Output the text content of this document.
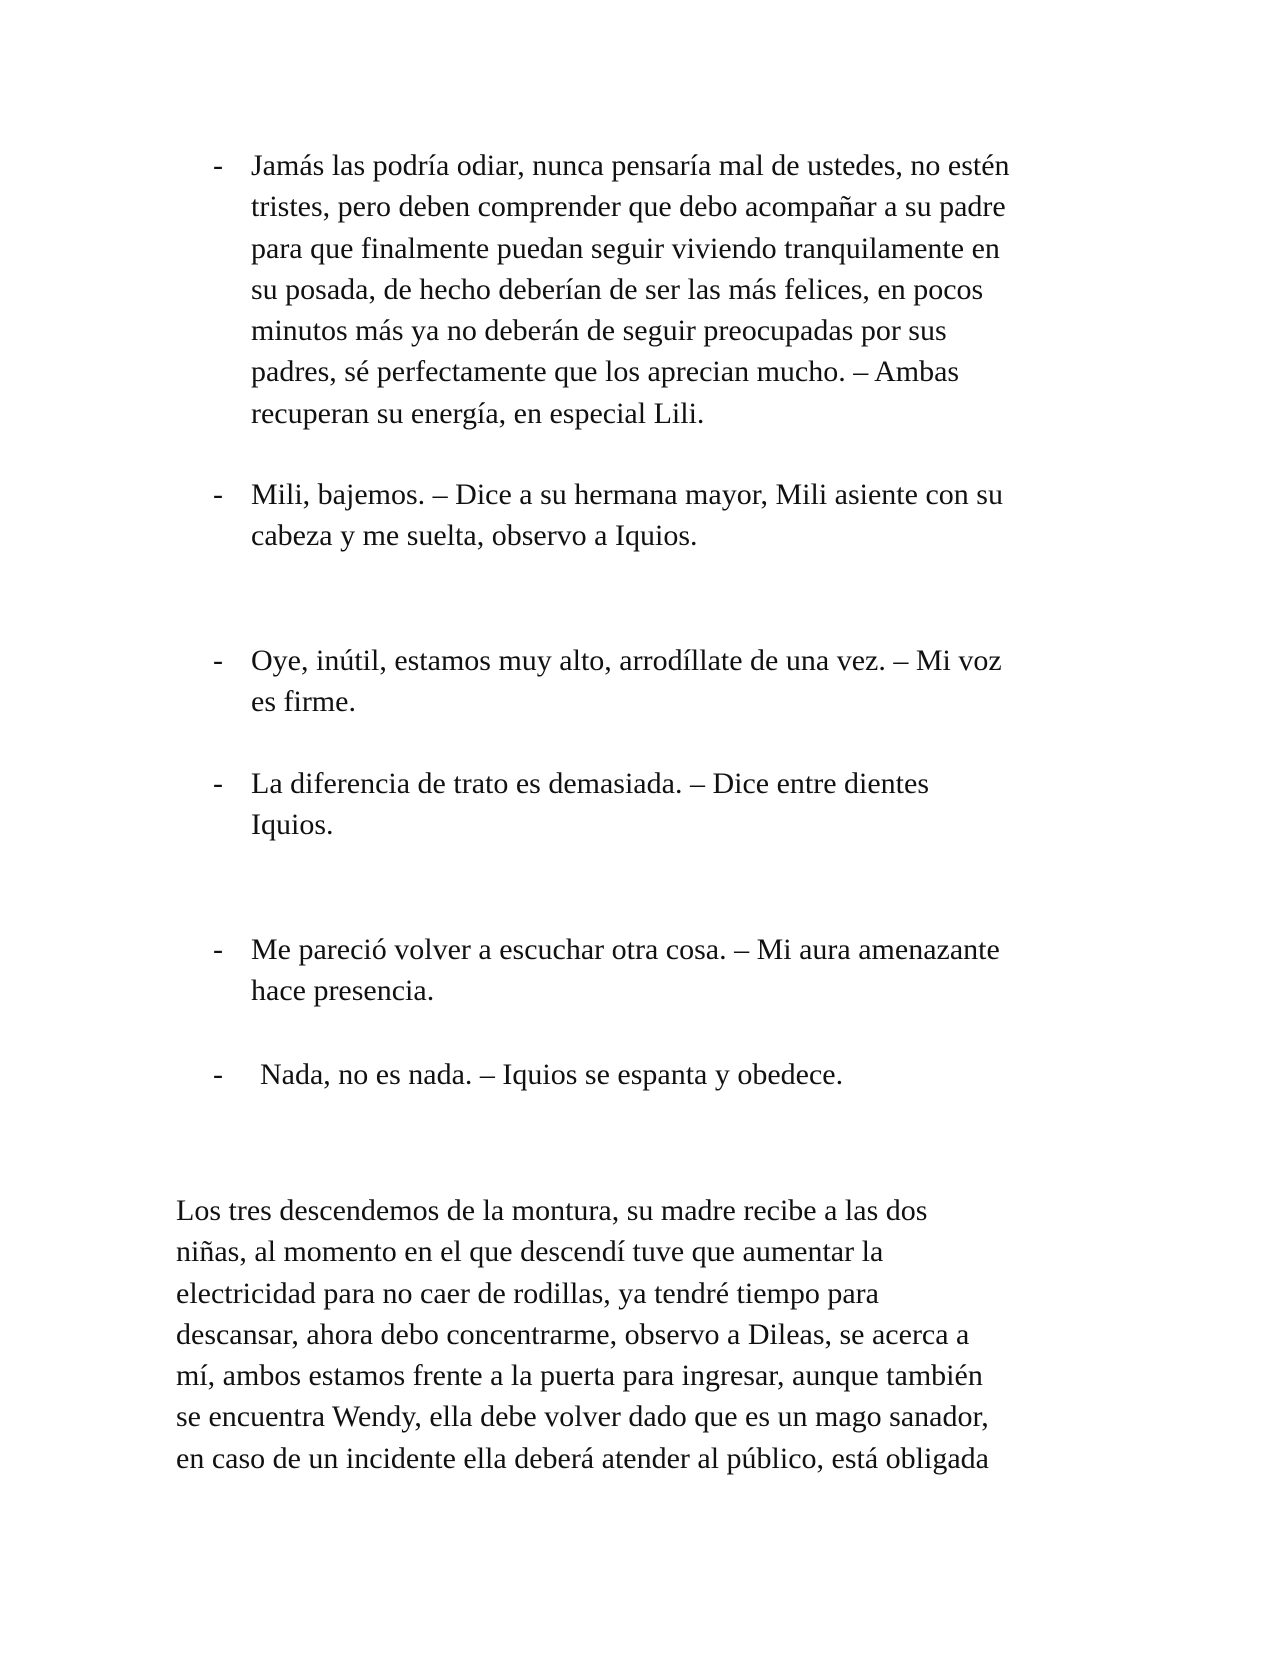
- Jamás las podría odiar, nunca pensaría mal de ustedes, no estén
tristes, pero deben comprender que debo acompañar a su padre
para que finalmente puedan seguir viviendo tranquilamente en
su posada, de hecho deberían de ser las más felices, en pocos
minutos más ya no deberán de seguir preocupadas por sus
padres, sé perfectamente que los aprecian mucho. – Ambas
recuperan su energía, en especial Lili.
- Mili, bajemos. – Dice a su hermana mayor, Mili asiente con su
cabeza y me suelta, observo a Iquios.
- Oye, inútil, estamos muy alto, arrodíllate de una vez. – Mi voz
es firme.
- La diferencia de trato es demasiada. – Dice entre dientes
Iquios.
- Me pareció volver a escuchar otra cosa. – Mi aura amenazante
hace presencia.
- Nada, no es nada. – Iquios se espanta y obedece.
Los tres descendemos de la montura, su madre recibe a las dos
niñas, al momento en el que descendí tuve que aumentar la
electricidad para no caer de rodillas, ya tendré tiempo para
descansar, ahora debo concentrarme, observo a Dileas, se acerca a
mí, ambos estamos frente a la puerta para ingresar, aunque también
se encuentra Wendy, ella debe volver dado que es un mago sanador,
en caso de un incidente ella deberá atender al público, está obligada
